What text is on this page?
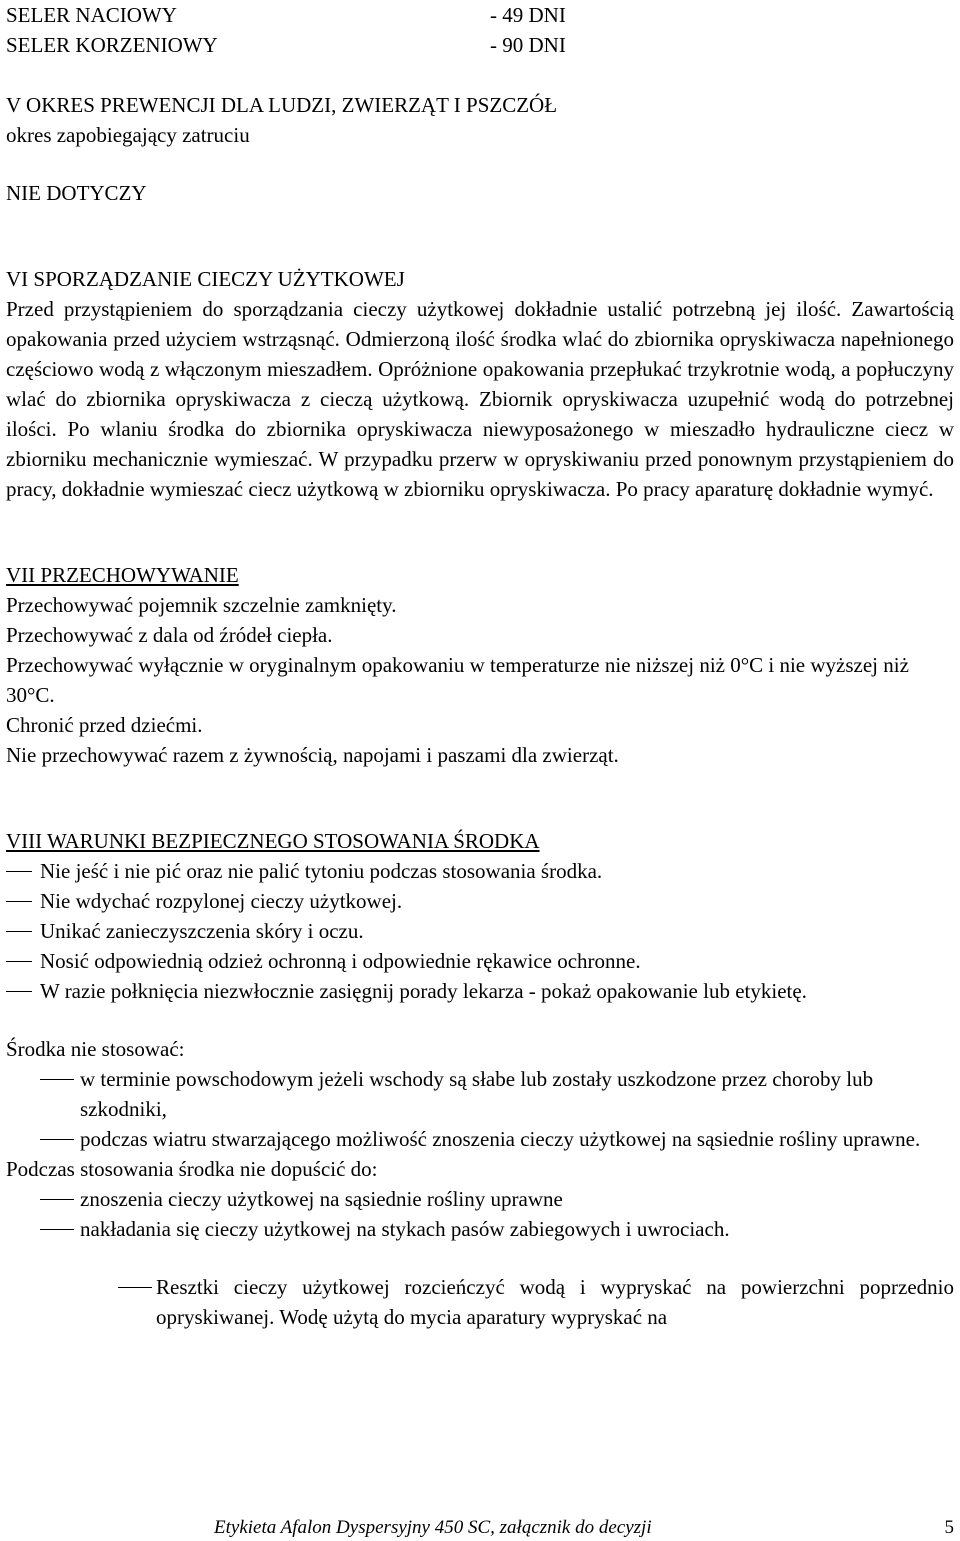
SELER NACIOWY	- 49 DNI
SELER KORZENIOWY	- 90 DNI

V OKRES PREWENCJI DLA LUDZI, ZWIERZĄT I PSZCZÓŁ

okres zapobiegający zatruciu

NIE DOTYCZY

VI SPORZĄDZANIE CIECZY UŻYTKOWEJ

Przed przystąpieniem do sporządzania cieczy użytkowej dokładnie ustalić potrzebną jej ilość. Zawartością opakowania przed użyciem wstrząsnąć. Odmierzoną ilość środka wlać do zbiornika opryskiwacza napełnionego częściowo wodą z włączonym mieszadłem. Opróżnione opakowania przepłukać trzykrotnie wodą, a popłuczyny wlać do zbiornika opryskiwacza z cieczą użytkową. Zbiornik opryskiwacza uzupełnić wodą do potrzebnej ilości. Po wlaniu środka do zbiornika opryskiwacza niewyposażonego w mieszadło hydrauliczne ciecz w zbiorniku mechanicznie wymieszać. W przypadku przerw w opryskiwaniu przed ponownym przystąpieniem do pracy, dokładnie wymieszać ciecz użytkową w zbiorniku opryskiwacza. Po pracy aparaturę dokładnie wymyć.

VII PRZECHOWYWANIE

Przechowywać pojemnik szczelnie zamknięty.

Przechowywać z dala od źródeł ciepła.

Przechowywać wyłącznie w oryginalnym opakowaniu w temperaturze nie niższej niż 0°C i nie wyższej niż 30°C.

Chronić przed dziećmi.

Nie przechowywać razem z żywnością, napojami i paszami dla zwierząt.

VIII WARUNKI BEZPIECZNEGO STOSOWANIA ŚRODKA

Nie jeść i nie pić oraz nie palić tytoniu podczas stosowania środka.
Nie wdychać rozpylonej cieczy użytkowej.
Unikać zanieczyszczenia skóry i oczu.
Nosić odpowiednią odzież ochronną i odpowiednie rękawice ochronne.
W razie połknięcia niezwłocznie zasięgnij porady lekarza - pokaż opakowanie lub etykietę.

Środka nie stosować:

w terminie powschodowym jeżeli wschody są słabe lub zostały uszkodzone przez choroby lub szkodniki,
podczas wiatru stwarzającego możliwość znoszenia cieczy użytkowej na sąsiednie rośliny uprawne.

Podczas stosowania środka nie dopuścić do:

znoszenia cieczy użytkowej na sąsiednie rośliny uprawne
nakładania się cieczy użytkowej na stykach pasów zabiegowych i uwrociach.
Resztki cieczy użytkowej rozcieńczyć wodą i wypryskać na powierzchni poprzednio opryskiwanej. Wodę użytą do mycia aparatury wypryskać na
Etykieta Afalon Dyspersyjny 450 SC, załącznik do decyzji	5
